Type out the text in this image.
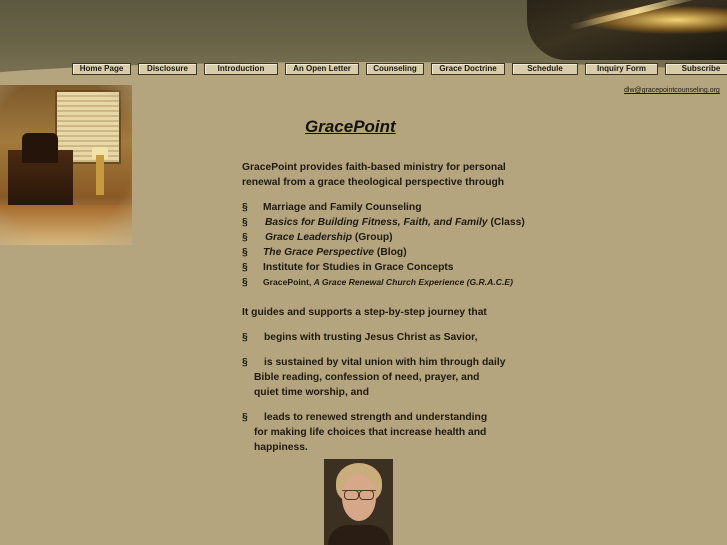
Home Page	Disclosure	Introduction	An Open Letter	Counseling	Grace Doctrine	Schedule	Inquiry Form	Subscribe
dlw@gracepointcounseling.org
GracePoint

GracePoint provides faith-based ministry for personal
renewal from a grace theological perspective through

§ Marriage and Family Counseling
§ Basics for Building Fitness, Faith, and Family (Class)
§ Grace Leadership (Group)
§ The Grace Perspective (Blog)
§ Institute for Studies in Grace Concepts
§ GracePoint, A Grace Renewal Church Experience (G.R.A.C.E)

It guides and supports a step-by-step journey that

§ begins with trusting Jesus Christ as Savior,
§ is sustained by vital union with him through daily
Bible reading, confession of need, prayer, and
quiet time worship, and
§ leads to renewed strength and understanding
for making life choices that increase health and
happiness.
